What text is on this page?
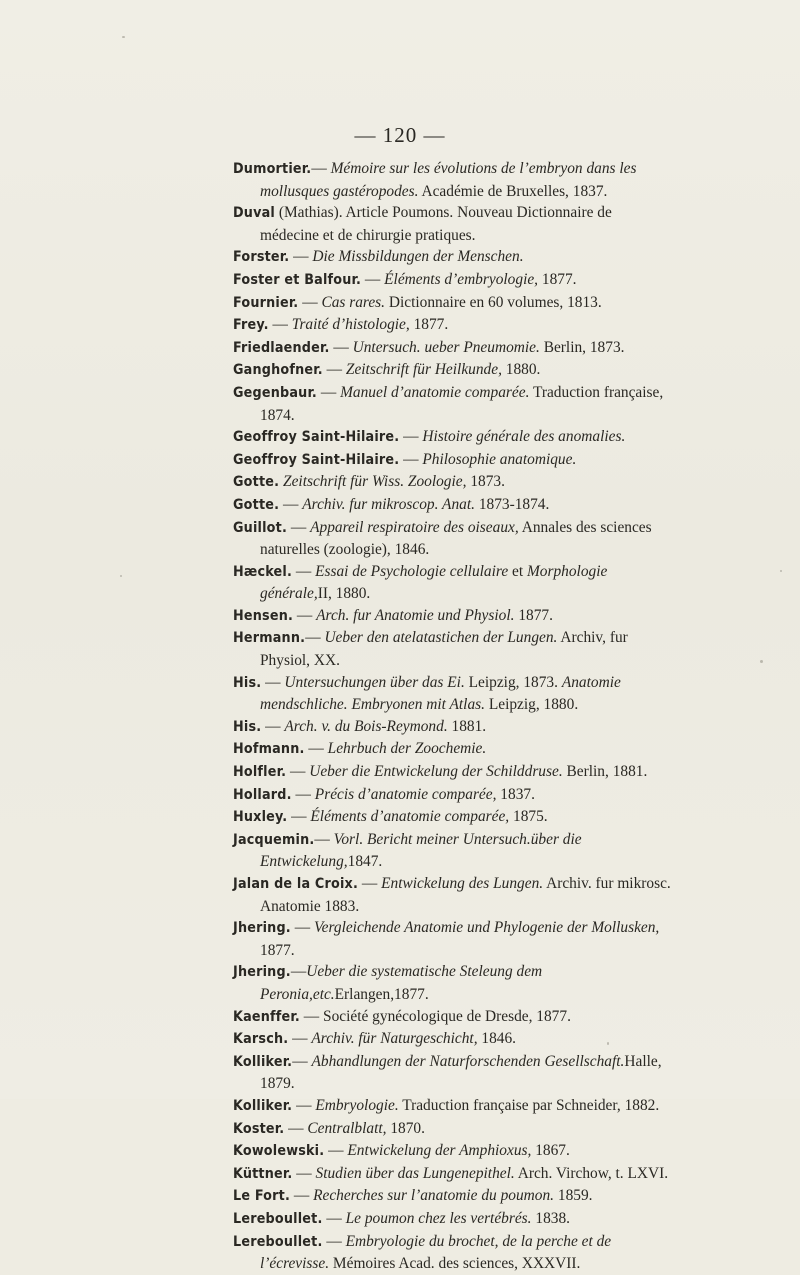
— 120 —

Dumortier.— Mémoire sur les évolutions de l’embryon dans les mollusques gastéropodes. Académie de Bruxelles, 1837.

Duval (Mathias). Article Poumons. Nouveau Dictionnaire de médecine et de chirurgie pratiques.

Forster. — Die Missbildungen der Menschen.

Foster et Balfour. — Éléments d’embryologie, 1877.

Fournier. — Cas rares. Dictionnaire en 60 volumes, 1813.

Frey. — Traité d’histologie, 1877.

Friedlaender. — Untersuch. ueber Pneumomie. Berlin, 1873.

Ganghofner. — Zeitschrift für Heilkunde, 1880.

Gegenbaur. — Manuel d’anatomie comparée. Traduction française, 1874.

Geoffroy Saint-Hilaire. — Histoire générale des anomalies.

Geoffroy Saint-Hilaire. — Philosophie anatomique.

Gotte. Zeitschrift für Wiss. Zoologie, 1873.

Gotte. — Archiv. fur mikroscop. Anat. 1873-1874.

Guillot. — Appareil respiratoire des oiseaux, Annales des sciences naturelles (zoologie), 1846.

Hæckel. — Essai de Psychologie cellulaire et Morphologie générale,II, 1880.

Hensen. — Arch. fur Anatomie und Physiol. 1877.

Hermann.— Ueber den atelatastichen der Lungen. Archiv, fur Physiol, XX.

His. — Untersuchungen über das Ei. Leipzig, 1873. Anatomie mendschliche. Embryonen mit Atlas. Leipzig, 1880.

His. — Arch. v. du Bois-Reymond. 1881.

Hofmann. — Lehrbuch der Zoochemie.

Holfler. — Ueber die Entwickelung der Schilddruse. Berlin, 1881.

Hollard. — Précis d’anatomie comparée, 1837.

Huxley. — Éléments d’anatomie comparée, 1875.

Jacquemin.— Vorl. Bericht meiner Untersuch.über die Entwickelung,1847.

Jalan de la Croix. — Entwickelung des Lungen. Archiv. fur mikrosc. Anatomie 1883.

Jhering. — Vergleichende Anatomie und Phylogenie der Mollusken, 1877.

Jhering.—Ueber die systematische Steleung dem Peronia,etc.Erlangen,1877.

Kaenffer. — Société gynécologique de Dresde, 1877.

Karsch. — Archiv. für Naturgeschicht, 1846.

Kolliker.— Abhandlungen der Naturforschenden Gesellschaft.Halle, 1879.

Kolliker. — Embryologie. Traduction française par Schneider, 1882.

Koster. — Centralblatt, 1870.

Kowolewski. — Entwickelung der Amphioxus, 1867.

Küttner. — Studien über das Lungenepithel. Arch. Virchow, t. LXVI.

Le Fort. — Recherches sur l’anatomie du poumon. 1859.

Lereboullet. — Le poumon chez les vertébrés. 1838.

Lereboullet. — Embryologie du brochet, de la perche et de l’écrevisse. Mémoires Acad. des sciences, XXXVII.
